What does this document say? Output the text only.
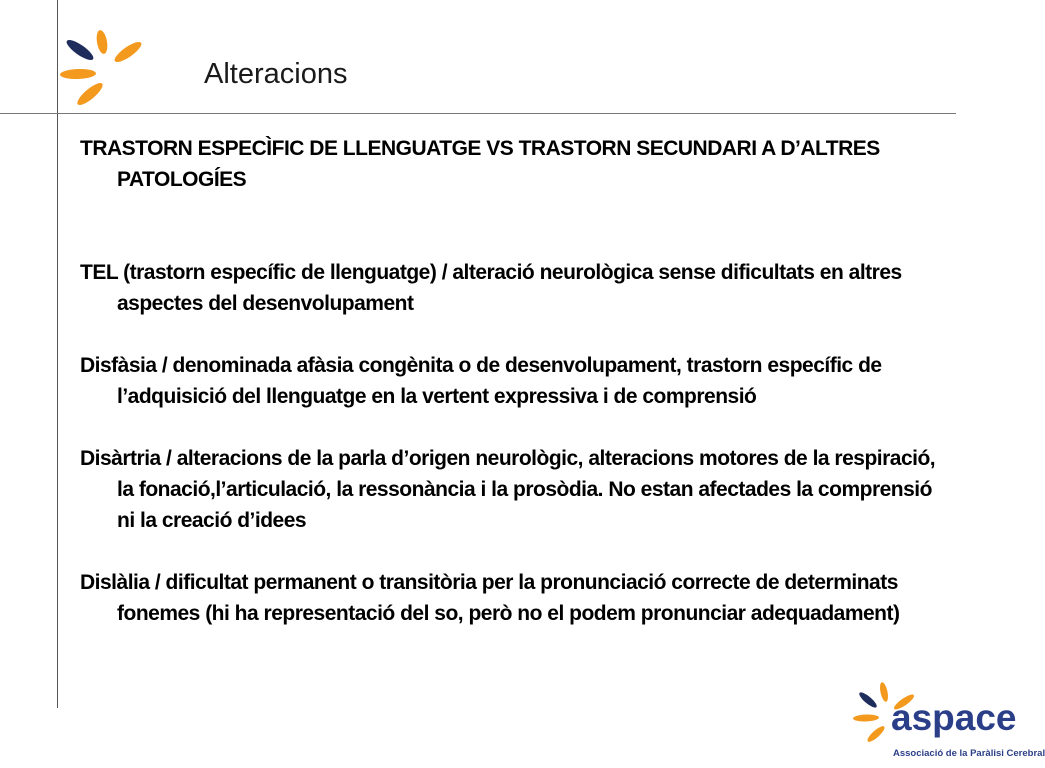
Alteracions

TRASTORN ESPECÌFIC DE LLENGUATGE VS TRASTORN SECUNDARI A D’ALTRES PATOLOGÍES

TEL (trastorn específic de llenguatge) / alteració neurològica sense dificultats en altres aspectes del desenvolupament

Disfàsia / denominada afàsia congènita o de desenvolupament, trastorn específic de l’adquisició del llenguatge en la vertent expressiva i de comprensió

Disàrtria / alteracions de la parla d’origen neurològic, alteracions motores de la respiració, la fonació,l’articulació, la ressonància i la prosòdia. No estan afectades la comprensió ni la creació d’idees

Dislàlia / dificultat permanent o transitòria per la pronunciació correcte de determinats fonemes (hi ha representació del so, però no el podem pronunciar adequadament)

aspace
Associació de la Paràlisi Cerebral
